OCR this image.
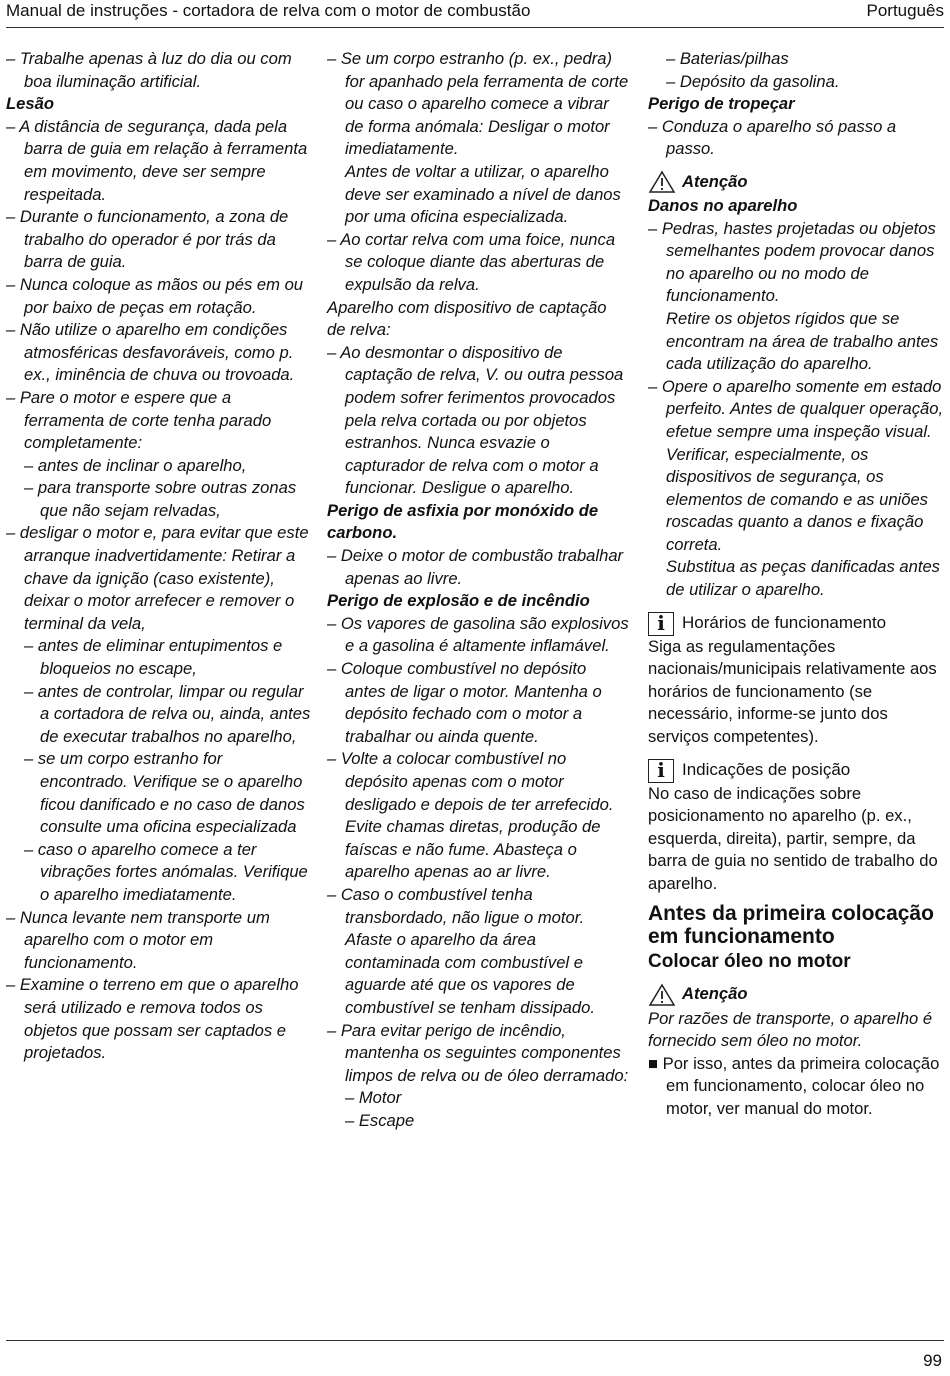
Manual de instruções - cortadora de relva com o motor de combustão	Português
– Trabalhe apenas à luz do dia ou com boa iluminação artificial.
Lesão
– A distância de segurança, dada pela barra de guia em relação à ferramenta em movimento, deve ser sempre respeitada.
– Durante o funcionamento, a zona de trabalho do operador é por trás da barra de guia.
– Nunca coloque as mãos ou pés em ou por baixo de peças em rotação.
– Não utilize o aparelho em condições atmosféricas desfavoráveis, como p. ex., iminência de chuva ou trovoada.
– Pare o motor e espere que a ferramenta de corte tenha parado completamente:
– antes de inclinar o aparelho,
– para transporte sobre outras zonas que não sejam relvadas,
– desligar o motor e, para evitar que este arranque inadvertidamente: Retirar a chave da ignição (caso existente), deixar o motor arrefecer e remover o terminal da vela,
– antes de eliminar entupimentos e bloqueios no escape,
– antes de controlar, limpar ou regular a cortadora de relva ou, ainda, antes de executar trabalhos no aparelho,
– se um corpo estranho for encontrado. Verifique se o aparelho ficou danificado e no caso de danos consulte uma oficina especializada
– caso o aparelho comece a ter vibrações fortes anómalas. Verifique o aparelho imediatamente.
– Nunca levante nem transporte um aparelho com o motor em funcionamento.
– Examine o terreno em que o aparelho será utilizado e remova todos os objetos que possam ser captados e projetados.
– Se um corpo estranho (p. ex., pedra) for apanhado pela ferramenta de corte ou caso o aparelho comece a vibrar de forma anómala: Desligar o motor imediatamente.
Antes de voltar a utilizar, o aparelho deve ser examinado a nível de danos por uma oficina especializada.
– Ao cortar relva com uma foice, nunca se coloque diante das aberturas de expulsão da relva.
Aparelho com dispositivo de captação de relva:
– Ao desmontar o dispositivo de captação de relva, V. ou outra pessoa podem sofrer ferimentos provocados pela relva cortada ou por objetos estranhos. Nunca esvazie o capturador de relva com o motor a funcionar. Desligue o aparelho.
Perigo de asfixia por monóxido de carbono.
– Deixe o motor de combustão trabalhar apenas ao livre.
Perigo de explosão e de incêndio
– Os vapores de gasolina são explosivos e a gasolina é altamente inflamável.
– Coloque combustível no depósito antes de ligar o motor. Mantenha o depósito fechado com o motor a trabalhar ou ainda quente.
– Volte a colocar combustível no depósito apenas com o motor desligado e depois de ter arrefecido. Evite chamas diretas, produção de faíscas e não fume. Abasteça o aparelho apenas ao ar livre.
– Caso o combustível tenha transbordado, não ligue o motor. Afaste o aparelho da área contaminada com combustível e aguarde até que os vapores de combustível se tenham dissipado.
– Para evitar perigo de incêndio, mantenha os seguintes componentes limpos de relva ou de óleo derramado:
– Motor
– Escape
– Baterias/pilhas
– Depósito da gasolina.
Perigo de tropeçar
– Conduza o aparelho só passo a passo.
Atenção
Danos no aparelho
– Pedras, hastes projetadas ou objetos semelhantes podem provocar danos no aparelho ou no modo de funcionamento.
Retire os objetos rígidos que se encontram na área de trabalho antes cada utilização do aparelho.
– Opere o aparelho somente em estado perfeito. Antes de qualquer operação, efetue sempre uma inspeção visual. Verificar, especialmente, os dispositivos de segurança, os elementos de comando e as uniões roscadas quanto a danos e fixação correta.
Substitua as peças danificadas antes de utilizar o aparelho.
i	Horários de funcionamento
Siga as regulamentações nacionais/municipais relativamente aos horários de funcionamento (se necessário, informe-se junto dos serviços competentes).
i	Indicações de posição
No caso de indicações sobre posicionamento no aparelho (p. ex., esquerda, direita), partir, sempre, da barra de guia no sentido de trabalho do aparelho.
Antes da primeira colocação em funcionamento
Colocar óleo no motor
Atenção
Por razões de transporte, o aparelho é fornecido sem óleo no motor.
■ Por isso, antes da primeira colocação em funcionamento, colocar óleo no motor, ver manual do motor.
99
